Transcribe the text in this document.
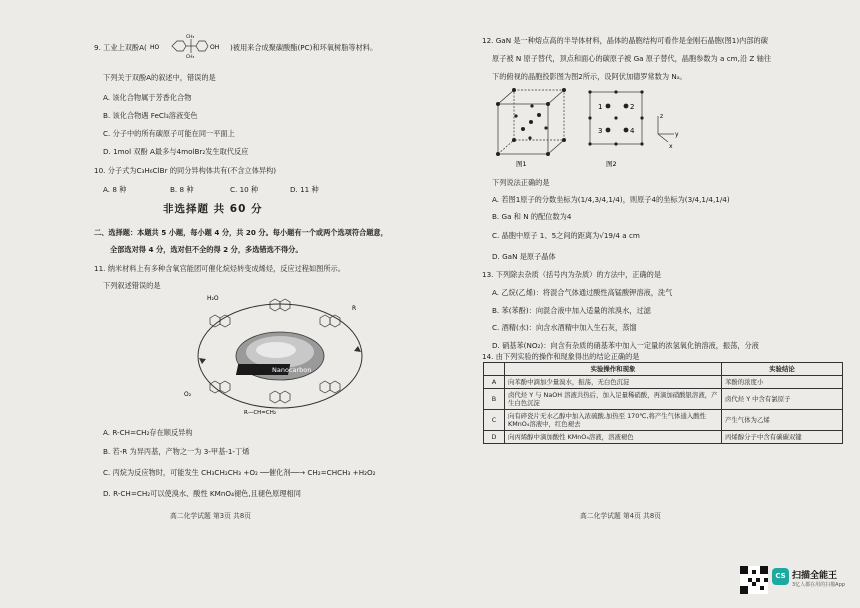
9. 工业上双酚A( HO
CH₃
CH₃
OH )被用来合成聚碳酸酯(PC)和环氧树脂等材料。
下列关于双酚A的叙述中，错误的是
A. 该化合物属于芳香化合物
B. 该化合物遇 FeCl₃溶液变色
C. 分子中的所有碳原子可能在同一平面上
D. 1mol 双酚 A最多与4molBr₂发生取代反应
10. 分子式为C₃H₆ClBr 的同分异构体共有(不含立体异构)
A. 8 种	B. 8 种	C. 10 种	D. 11 种
非选择题 共 60 分
二、选择题：本题共 5 小题，每小题 4 分，共 20 分。每小题有一个或两个选项符合题意，
全部选对得 4 分，选对但不全的得 2 分，多选错选不得分。
11. 纳米材料上有多种含氧官能团可催化烷烃转变成烯烃，反应过程如图所示。
下列叙述错误的是
Nanocarbon
H₂O
O₂
R
R—CH=CH₂
A. R-CH=CH₂存在顺反异构
B. 若-R 为异丙基，产物之一为 3-甲基-1-丁烯
C. 丙烷为反应物时，可能发生 CH₃CH₂CH₃ +O₂ ──催化剂──→ CH₂=CHCH₃ +H₂O₂
D. R-CH=CH₂可以使溴水、酸性 KMnO₄褪色,且褪色原理相同
高二化学试题 第3页 共8页
12. GaN 是一种熔点高的半导体材料，晶体的晶胞结构可看作是金刚石晶胞(图1)内部的碳
原子被 N 原子替代，顶点和面心的碳原子被 Ga 原子替代，晶胞参数为 a cm,沿 Z 轴往
下的俯视的晶胞投影图为图2所示，设阿伏加德罗常数为 Nₐ。
图1
1	2
3	4
z
y
x
图2
下列说法正确的是
A. 若图1原子的分数坐标为(1/4,3/4,1/4)，则原子4的坐标为(3/4,1/4,1/4)
B. Ga 和 N 的配位数为4
C. 晶胞中原子 1、5之间的距离为√19/4 a cm
D. GaN 是原子晶体
13. 下列除去杂质（括号内为杂质）的方法中，正确的是
A. 乙烷(乙烯)：将混合气体通过酸性高锰酸钾溶液，洗气
B. 苯(苯酚)：向混合液中加入适量的浓溴水，过滤
C. 酒精(水)：向含水酒精中加入生石灰，蒸馏
D. 硝基苯(NO₂)：向含有杂质的硝基苯中加入一定量的浓氢氧化钠溶液，振荡，分液
14. 由下列实验的操作和现象得出的结论正确的是
	实验操作和现象	实验结论
A	向苯酚中滴加少量溴水，振荡，无白色沉淀	苯酚的浓度小
B	卤代烃 Y 与 NaOH 溶液共热后，加入足量稀硝酸，再滴加硝酸银溶液，产生白色沉淀	卤代烃 Y 中含有氯原子
C	向有碎瓷片无水乙醇中加入浓硫酸,加热至 170℃,将产生气体通入酸性 KMnO₄溶液中，红色褪去	产生气体为乙烯
D	向丙烯醇中滴加酸性 KMnO₄溶液，溶液褪色	丙烯醇分子中含有碳碳双键
高二化学试题 第4页 共8页
CS 扫描全能王
3亿人都在用的扫描App
